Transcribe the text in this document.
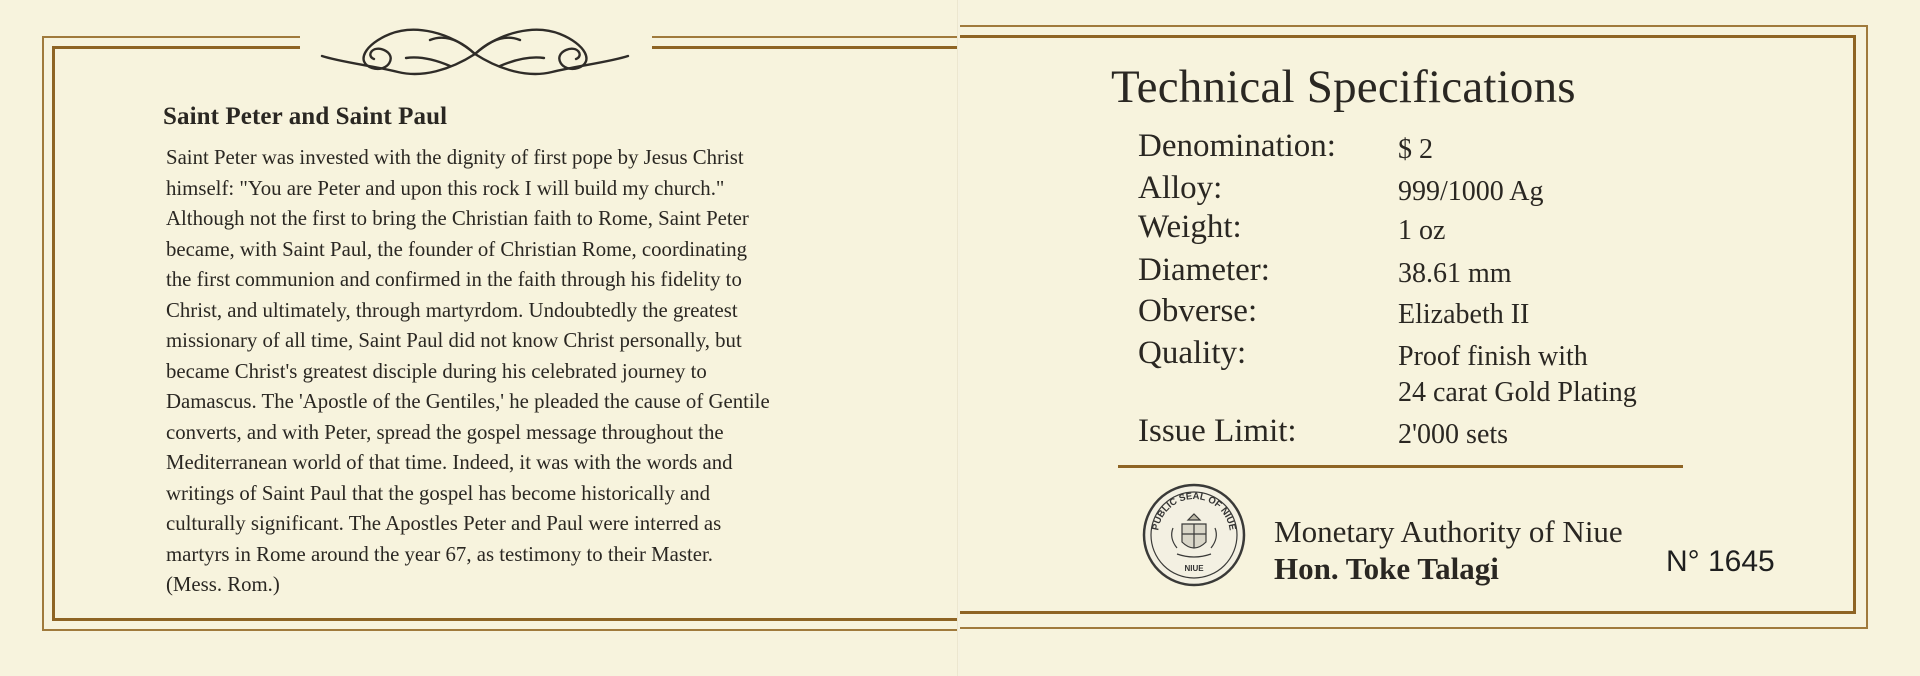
Saint Peter and Saint Paul
Saint Peter was invested with the dignity of first pope by Jesus Christ
himself: "You are Peter and upon this rock I will build my church."
Although not the first to bring the Christian faith to Rome, Saint Peter
became, with Saint Paul, the founder of Christian Rome, coordinating
the first communion and confirmed in the faith through his fidelity to
Christ, and ultimately, through martyrdom. Undoubtedly the greatest
missionary of all time, Saint Paul did not know Christ personally, but
became Christ's greatest disciple during his celebrated journey to
Damascus. The 'Apostle of the Gentiles,' he pleaded the cause of Gentile
converts, and with Peter, spread the gospel message throughout the
Mediterranean world of that time. Indeed, it was with the words and
writings of Saint Paul that the gospel has become historically and
culturally significant. The Apostles Peter and Paul were interred as
martyrs in Rome around the year 67, as testimony to their Master.
(Mess. Rom.)
Technical Specifications
Denomination: $ 2
Alloy:	999/1000 Ag
Weight:	1 oz
Diameter:	38.61 mm
Obverse:	Elizabeth II
Quality:	Proof finish with
24 carat Gold Plating
Issue Limit:	2'000 sets
PUBLIC SEAL OF NIUE
NIUE
Monetary Authority of Niue
Hon. Toke Talagi	N° 1645
